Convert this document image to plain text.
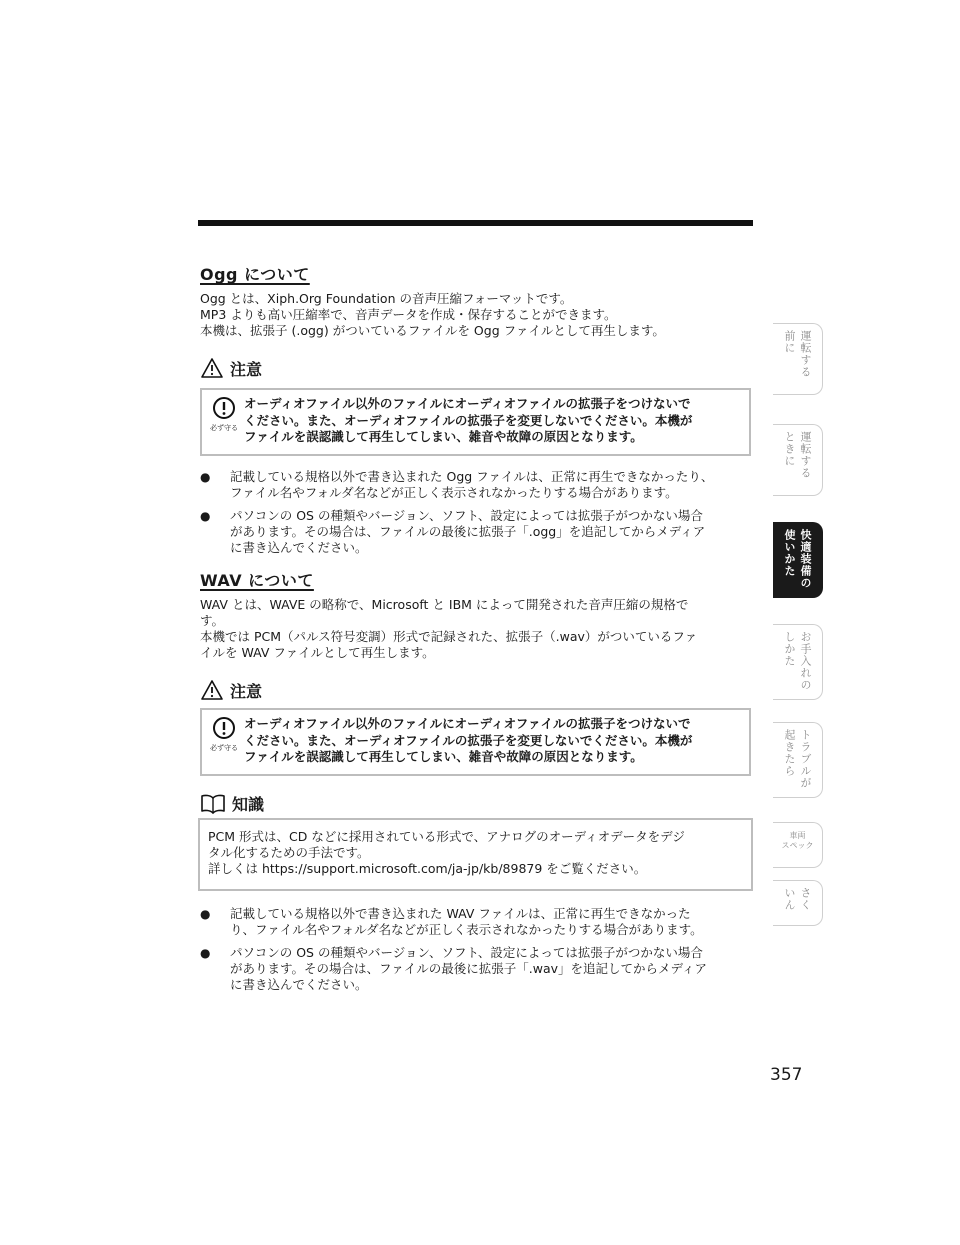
Ogg について
Ogg とは、Xiph.Org Foundation の音声圧縮フォーマットです。
MP3 よりも高い圧縮率で、音声データを作成・保存することができます。
本機は、拡張子 (.ogg) がついているファイルを Ogg ファイルとして再生します。
注意
必ず守る
オーディオファイル以外のファイルにオーディオファイルの拡張子をつけないで
ください。また、オーディオファイルの拡張子を変更しないでください。本機が
ファイルを誤認識して再生してしまい、雑音や故障の原因となります。
● 記載している規格以外で書き込まれた Ogg ファイルは、正常に再生できなかったり、
ファイル名やフォルダ名などが正しく表示されなかったりする場合があります。
● パソコンの OS の種類やバージョン、ソフト、設定によっては拡張子がつかない場合
があります。その場合は、ファイルの最後に拡張子「.ogg」を追記してからメディア
に書き込んでください。
WAV について
WAV とは、WAVE の略称で、Microsoft と IBM によって開発された音声圧縮の規格で
す。
本機では PCM（パルス符号変調）形式で記録された、拡張子（.wav）がついているファ
イルを WAV ファイルとして再生します。
注意
必ず守る
オーディオファイル以外のファイルにオーディオファイルの拡張子をつけないで
ください。また、オーディオファイルの拡張子を変更しないでください。本機が
ファイルを誤認識して再生してしまい、雑音や故障の原因となります。
知識
PCM 形式は、CD などに採用されている形式で、アナログのオーディオデータをデジ
タル化するための手法です。
詳しくは https://support.microsoft.com/ja-jp/kb/89879 をご覧ください。
● 記載している規格以外で書き込まれた WAV ファイルは、正常に再生できなかった
り、ファイル名やフォルダ名などが正しく表示されなかったりする場合があります。
● パソコンの OS の種類やバージョン、ソフト、設定によっては拡張子がつかない場合
があります。その場合は、ファイルの最後に拡張子「.wav」を追記してからメディア
に書き込んでください。
357
運転する
前に
運転する
ときに
快適装備の
使いかた
お手入れの
しかた
トラブルが
起きたら
車両
スペック
さく
いん
